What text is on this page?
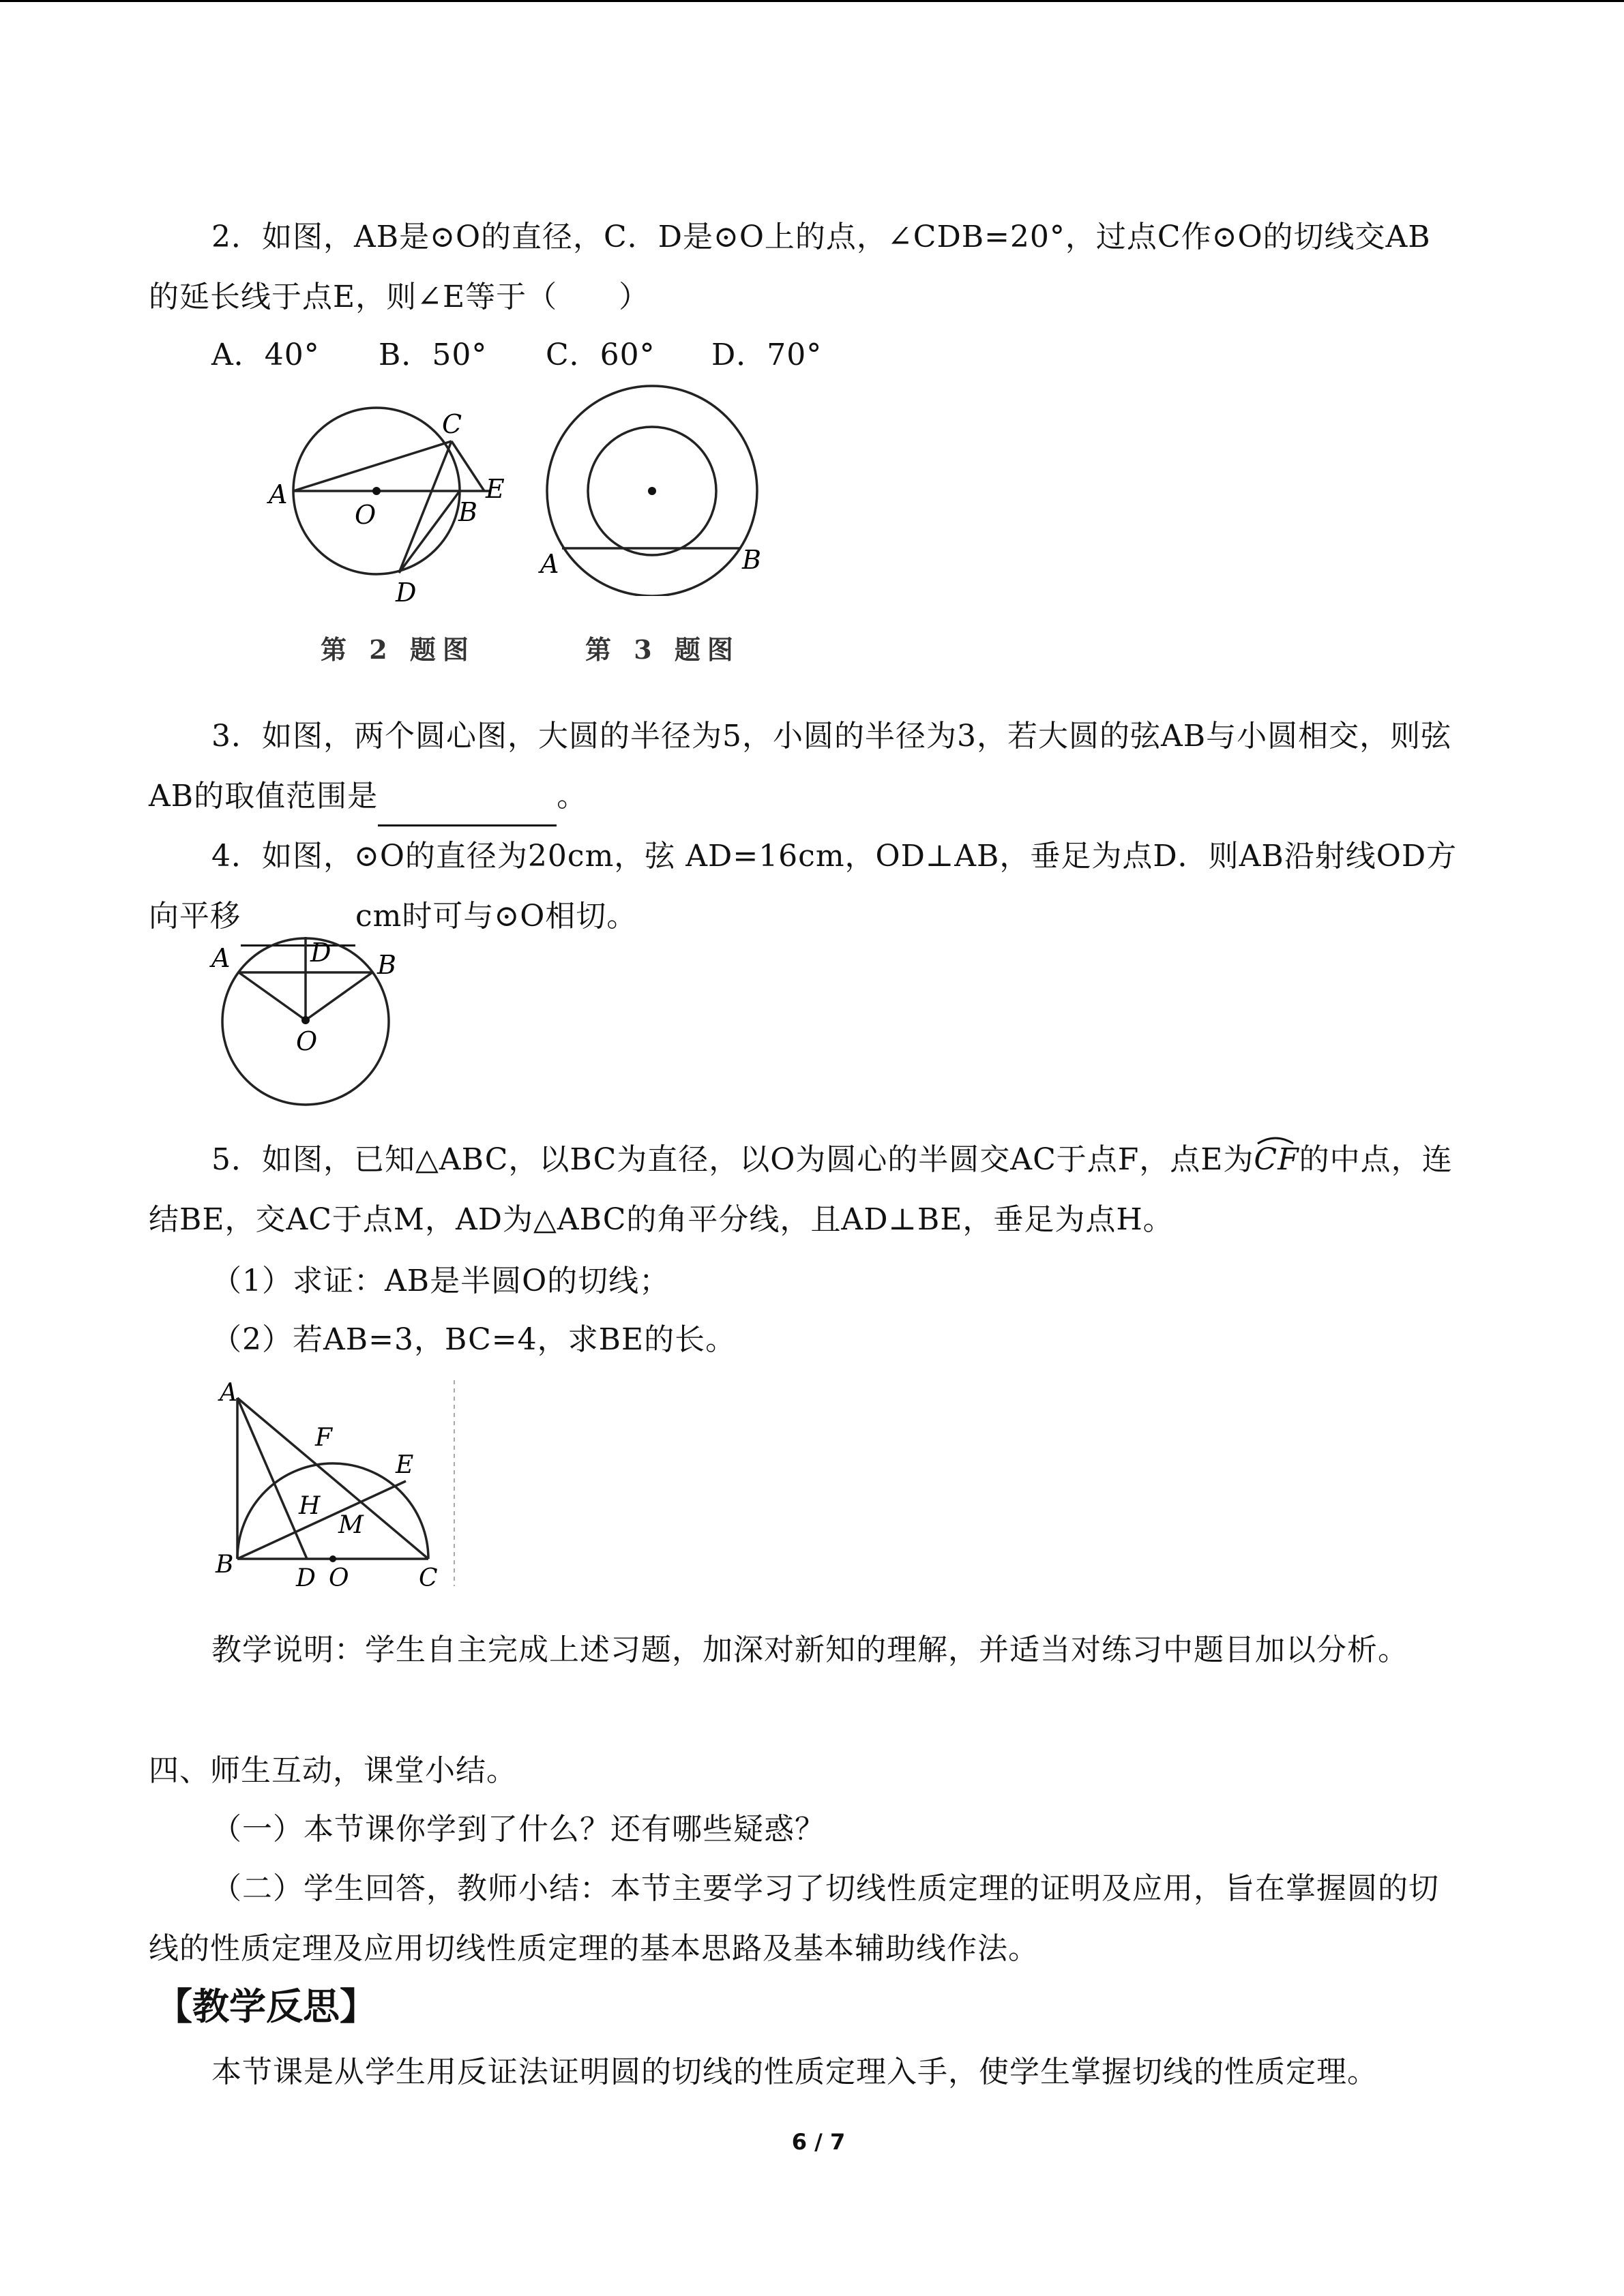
2．如图，AB是⊙O的直径，C．D是⊙O上的点，∠CDB=20°，过点C作⊙O的切线交AB的延长线于点E，则∠E等于（　　）

A．40° B．50° C．60° D．70°
C
A
O	B
E
D
第 2 题图
A	B
第 3 题图

3．如图，两个圆心图，大圆的半径为5，小圆的半径为3，若大圆的弦AB与小圆相交，则弦AB的取值范围是	。

4．如图，⊙O的直径为20cm，弦 AD=16cm，OD⊥AB，垂足为点D．则AB沿射线OD方向平移	cm时可与⊙O相切。

A	D B
O

5．如图，已知△ABC，以BC为直径，以O为圆心的半圆交AC于点F，点E为
CF的中点，连结BE，交AC于点M，AD为△ABC的角平分线，且AD⊥BE，垂足为点H。

（1）求证：AB是半圆O的切线；
（2）若AB=3，BC=4，求BE的长。
A
F
E
H
M
B	D O	C

教学说明：学生自主完成上述习题，加深对新知的理解，并适当对练习中题目加以分析。

四、师生互动，课堂小结。
（一）本节课你学到了什么？还有哪些疑惑？

（二）学生回答，教师小结：本节主要学习了切线性质定理的证明及应用，旨在掌握圆的切线的性质定理及应用切线性质定理的基本思路及基本辅助线作法。

【教学反思】
本节课是从学生用反证法证明圆的切线的性质定理入手，使学生掌握切线的性质定理。
6 / 7
